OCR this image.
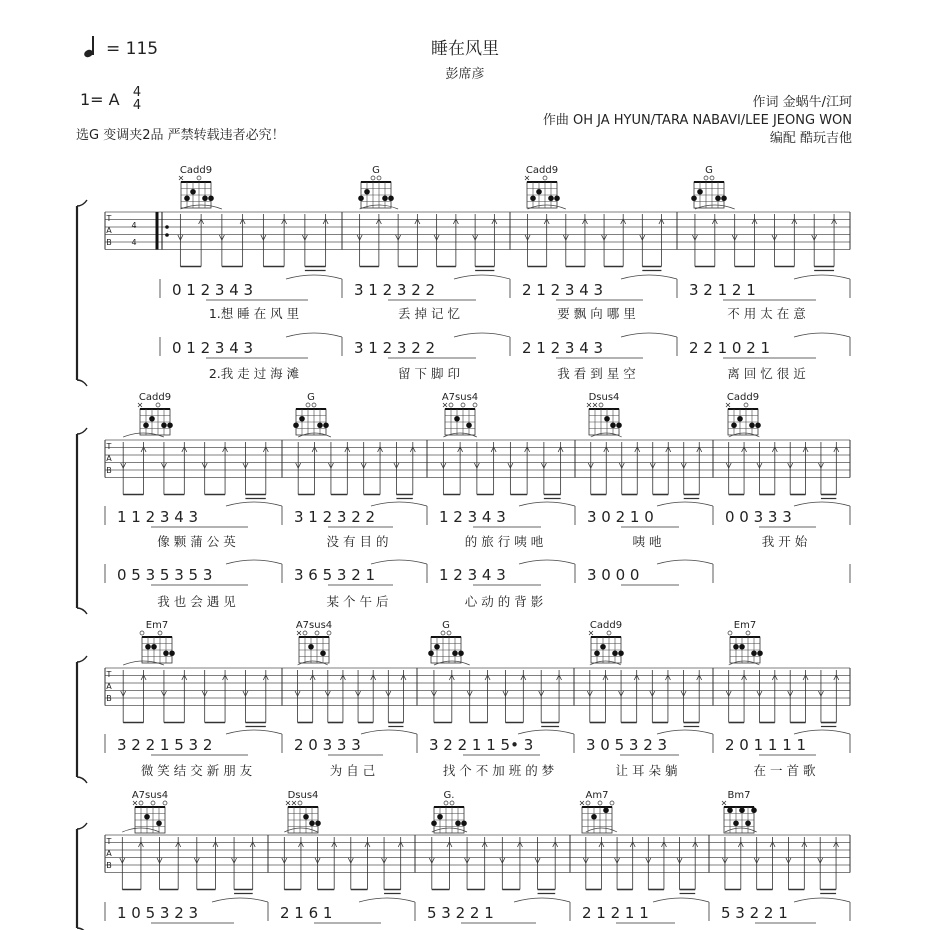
睡在风里
彭席彦
= 115
1= A 4
4
选G 变调夹2品 严禁转载违者必究！
作词 金蜗牛/江珂
作曲 OH JA HYUN/TARA NABAVI/LEE JEONG WON
编配 酷玩吉他
Cadd9
×
G	Cadd9
×
G
T
A
B
4
4
0 1 2 3 4 3
1.想 睡 在 风 里
3 1 2 3 2 2
丢 掉 记 忆
2 1 2 3 4 3
要 飘 向 哪 里
3 2 1 2 1
不 用 太 在 意
0 1 2 3 4 3
2.我 走 过 海 滩
3 1 2 3 2 2
留 下 脚 印
2 1 2 3 4 3
我 看 到 星 空
2 2 1 0 2 1
离 回 忆 很 近
Cadd9
×
G	A7sus4
×
Dsus4
× ×
Cadd9
×
T
A
B
1 1 2 3 4 3
像 颗 蒲 公 英
3 1 2 3 2 2
没 有 目 的
1 2 3 4 3
的 旅 行 咦 吔
3 0 2 1 0
咦 吔
0 0 3 3 3
我 开 始
0 5 3 5 3 5 3
我 也 会 遇 见
3 6 5 3 2 1
某 个 午 后
1 2 3 4 3
心 动 的 背 影
3 0 0 0
Em7	A7sus4
×
G	Cadd9
×
Em7
T
A
B
3 2 2 1 5 3 2
微 笑 结 交 新 朋 友
2 0 3 3 3
为 自 己
3 2 2 1 1 5• 3
找 个 不 加 班 的 梦
3 0 5 3 2 3
让 耳 朵 躺
2 0 1 1 1 1
在 一 首 歌
A7sus4
×
Dsus4
× ×
G.	Am7
×
Bm7
×
T
A
B
1 0 5 3 2 3	2 1 6 1	5 3 2 2 1	2 1 2 1 1	5 3 2 2 1
